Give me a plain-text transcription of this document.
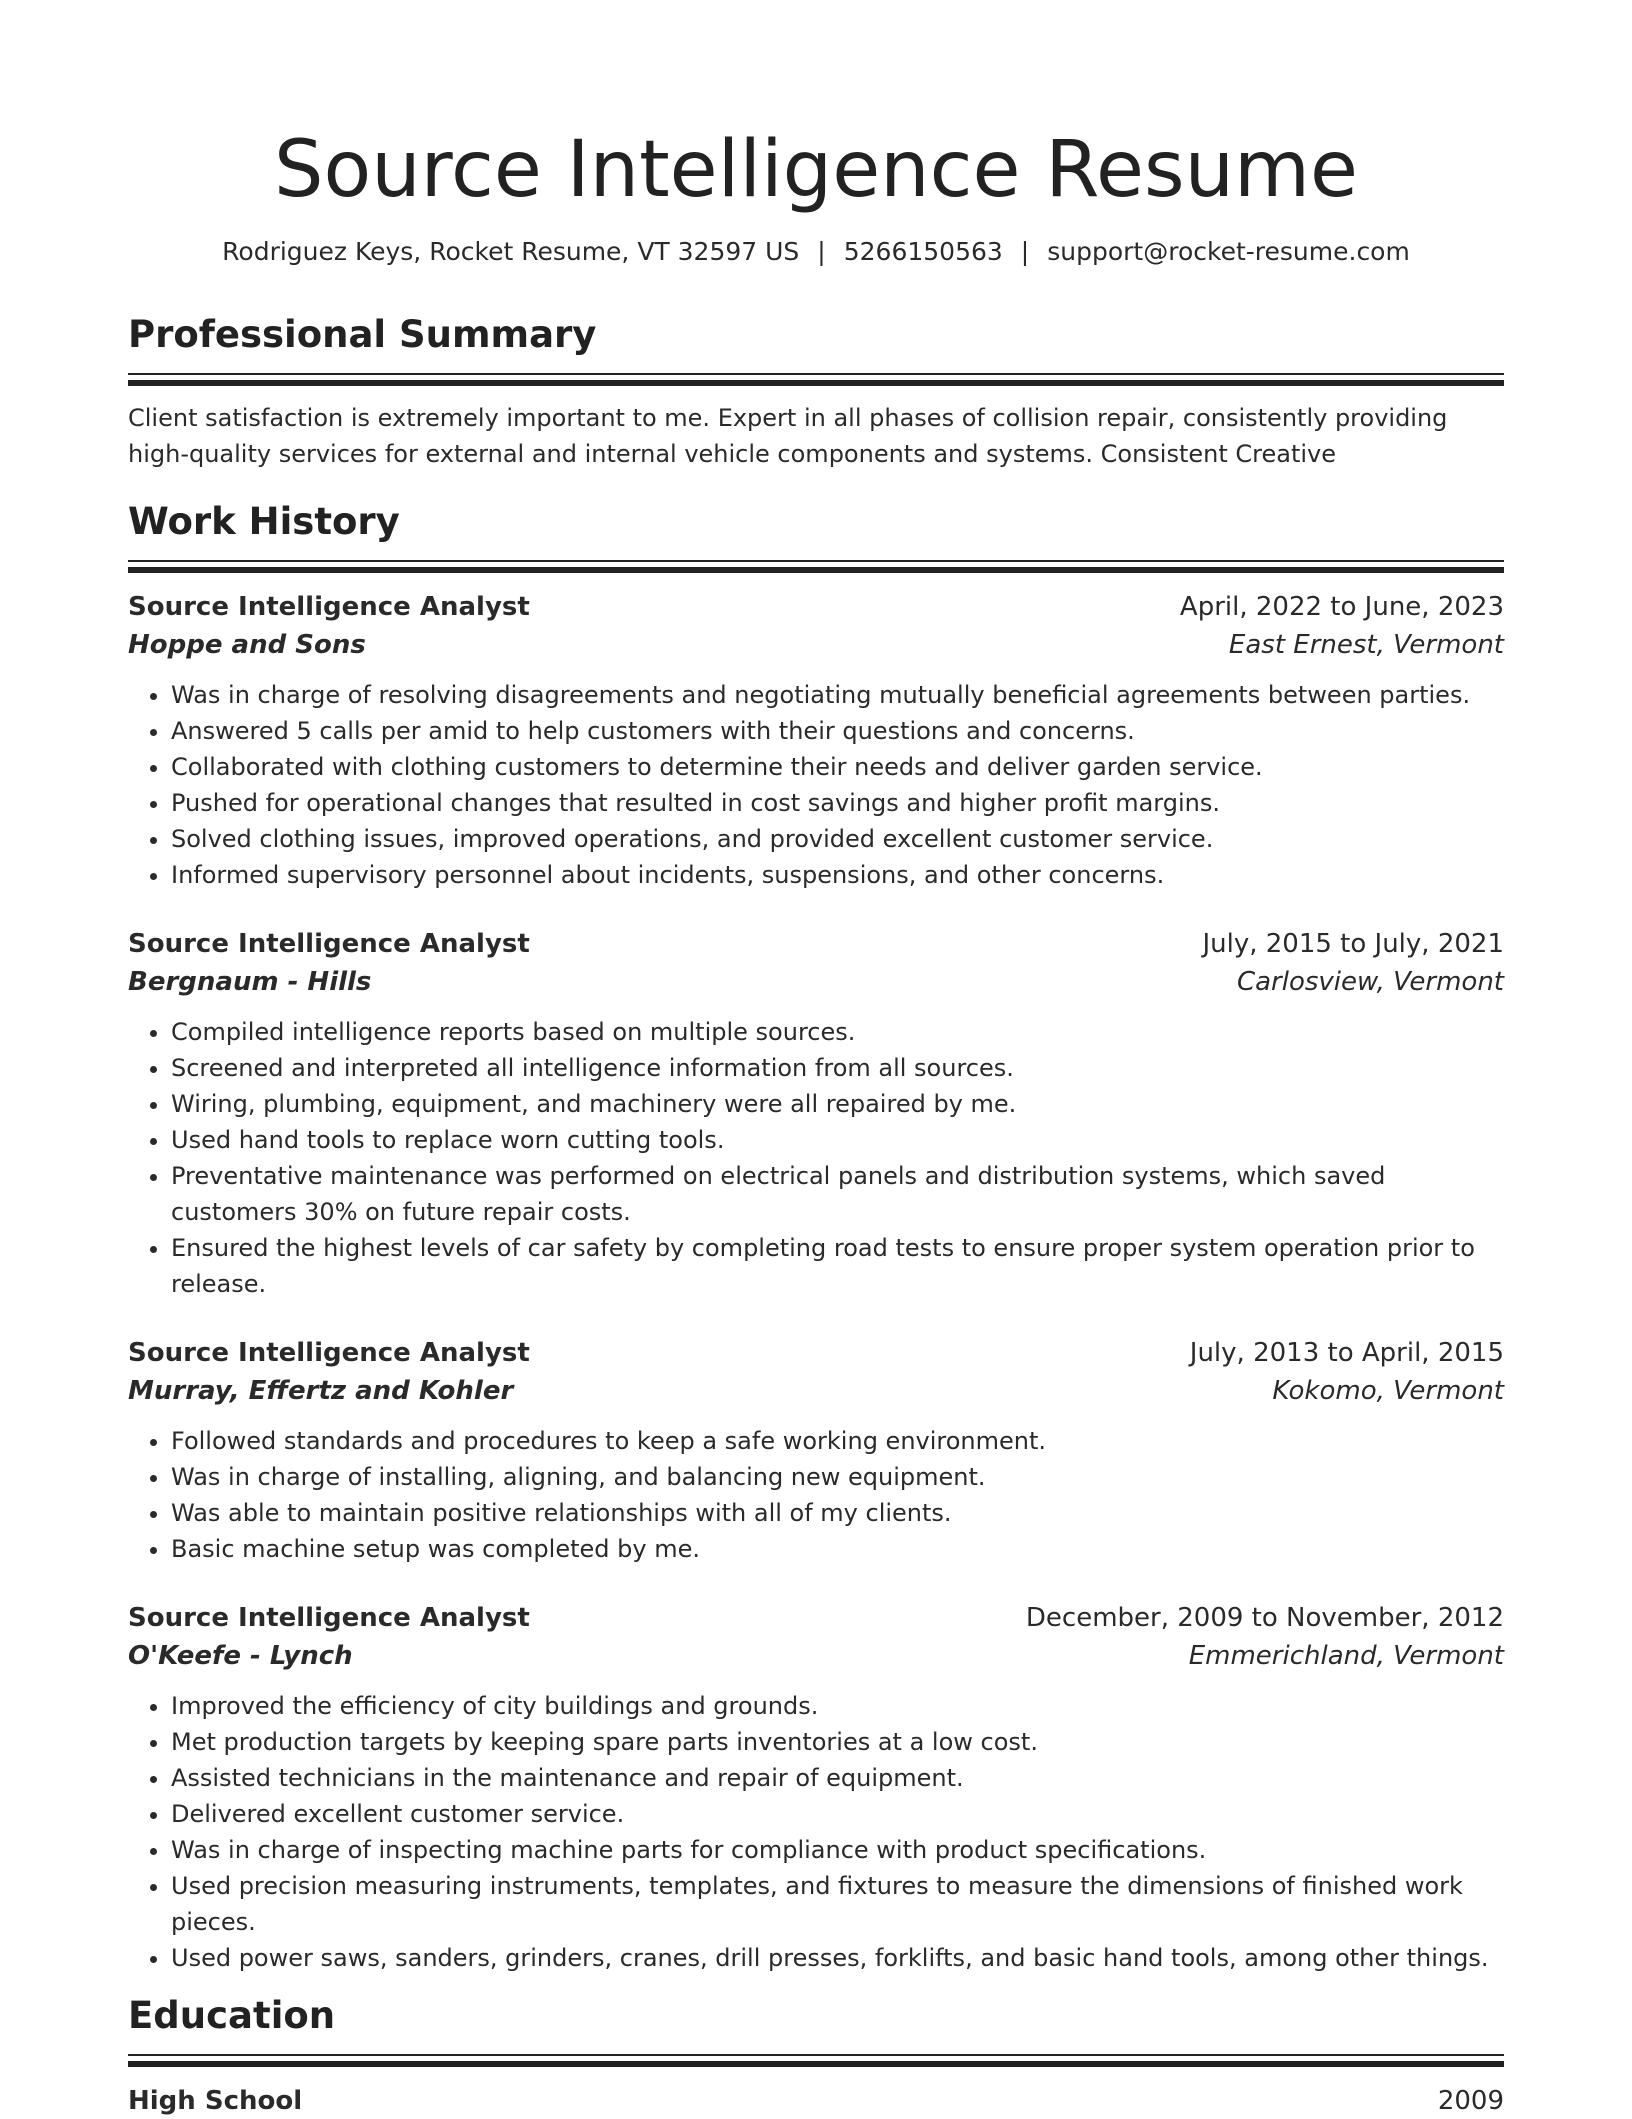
Source Intelligence Resume
Rodriguez Keys, Rocket Resume, VT 32597 US | 5266150563 | support@rocket-resume.com
Professional Summary
Client satisfaction is extremely important to me. Expert in all phases of collision repair, consistently providing high-quality services for external and internal vehicle components and systems. Consistent Creative
Work History
Source Intelligence Analyst	April, 2022 to June, 2023
Hoppe and Sons	East Ernest, Vermont
• Was in charge of resolving disagreements and negotiating mutually beneficial agreements between parties.
• Answered 5 calls per amid to help customers with their questions and concerns.
• Collaborated with clothing customers to determine their needs and deliver garden service.
• Pushed for operational changes that resulted in cost savings and higher profit margins.
• Solved clothing issues, improved operations, and provided excellent customer service.
• Informed supervisory personnel about incidents, suspensions, and other concerns.
Source Intelligence Analyst	July, 2015 to July, 2021
Bergnaum - Hills	Carlosview, Vermont
• Compiled intelligence reports based on multiple sources.
• Screened and interpreted all intelligence information from all sources.
• Wiring, plumbing, equipment, and machinery were all repaired by me.
• Used hand tools to replace worn cutting tools.
• Preventative maintenance was performed on electrical panels and distribution systems, which saved customers 30% on future repair costs.
• Ensured the highest levels of car safety by completing road tests to ensure proper system operation prior to release.
Source Intelligence Analyst	July, 2013 to April, 2015
Murray, Effertz and Kohler	Kokomo, Vermont
• Followed standards and procedures to keep a safe working environment.
• Was in charge of installing, aligning, and balancing new equipment.
• Was able to maintain positive relationships with all of my clients.
• Basic machine setup was completed by me.
Source Intelligence Analyst	December, 2009 to November, 2012
O'Keefe - Lynch	Emmerichland, Vermont
• Improved the efficiency of city buildings and grounds.
• Met production targets by keeping spare parts inventories at a low cost.
• Assisted technicians in the maintenance and repair of equipment.
• Delivered excellent customer service.
• Was in charge of inspecting machine parts for compliance with product specifications.
• Used precision measuring instruments, templates, and fixtures to measure the dimensions of finished work pieces.
• Used power saws, sanders, grinders, cranes, drill presses, forklifts, and basic hand tools, among other things.
Education
High School	2009
